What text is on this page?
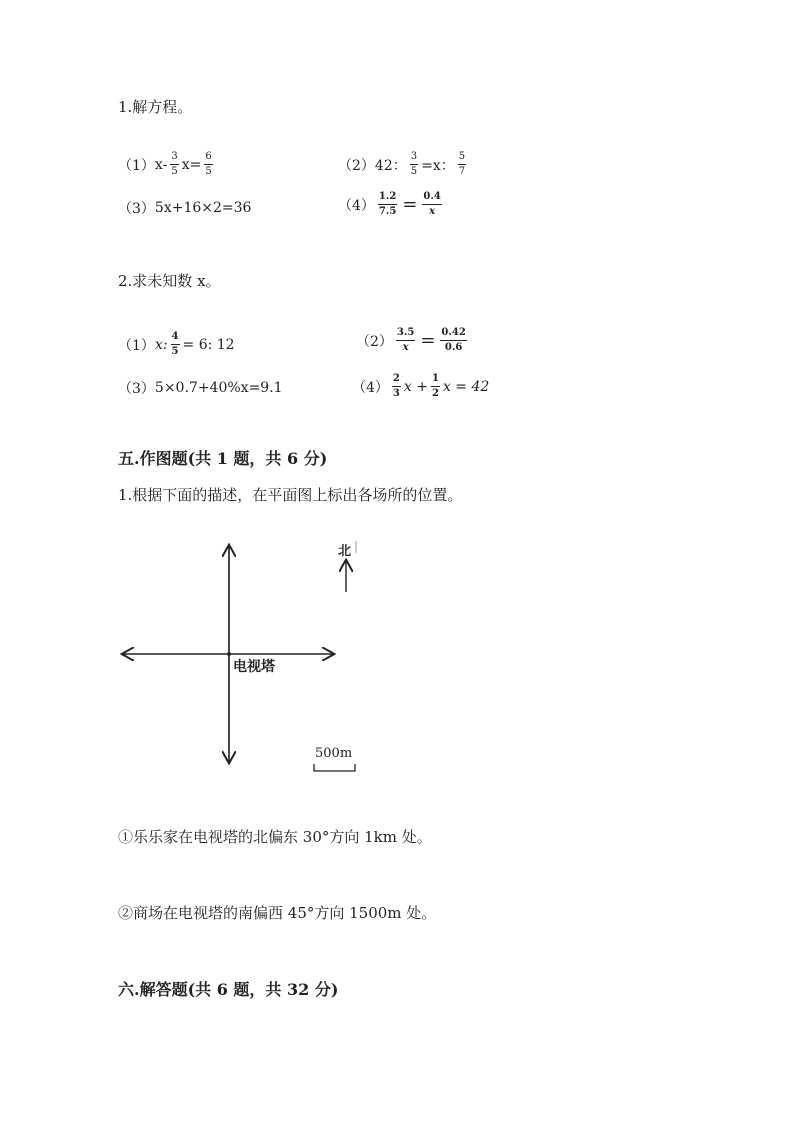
1.解方程。
（1） $x- \frac{3}{5} x= \frac{6}{5}$	（2） 42： $\frac{3}{5} =x$： $\frac{5}{7}$
（3） 5x+16×2=36	$(4) \frac{1.2}{7.5} = \frac{0.4}{x}$
2.求未知数 x。
（1） x: $\frac{4}{5} = 6$: 12	$(2) \frac{3.5}{x} = \frac{0.42}{0.6}$
（3） 5×0.7+40%x=9.1	$(4) \frac{2}{3}$ $x + \frac{1}{2}$ x = 42
五.作图题(共 1 题，共 6 分)
1.根据下面的描述，在平面图上标出各场所的位置。
电视塔
北
500m
①乐乐家在电视塔的北偏东 30°方向 1km 处。
②商场在电视塔的南偏西 45°方向 1500m 处。
六.解答题(共 6 题，共 32 分)
